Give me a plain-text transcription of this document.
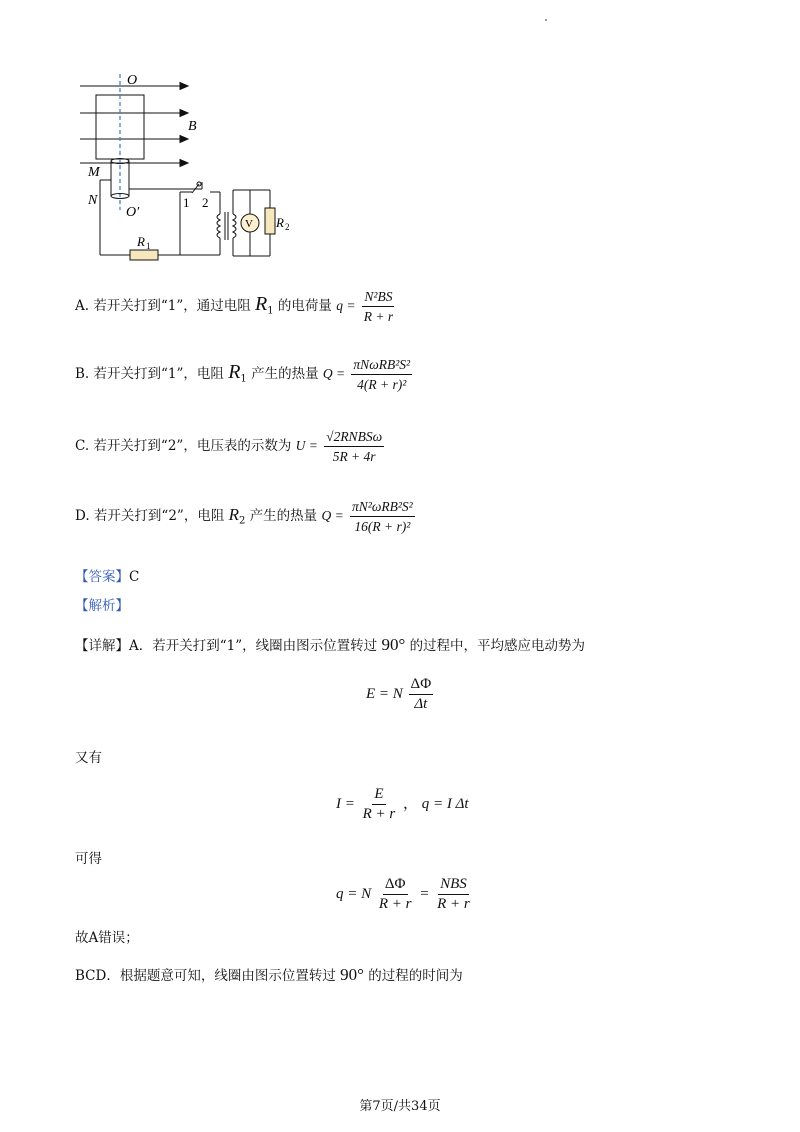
O
B
M
N
O′
1 2
V
R 1
R 2
A. 若开关打到“1”，通过电阻 $R_1$ 的电荷量 $q = \frac{\text{N²BS}}{R + r}$
B. 若开关打到“1”，电阻 $R_1$ 产生的热量 $Q = \frac{\text{πNωRB²S²}}{\text{4(R + r)²}}$
C. 若开关打到“2”，电压表的示数为 $U = \frac{\text{√2RNBSω}}{5R + 4r}$
D. 若开关打到“2”，电阻 $R_2$ 产生的热量 $Q = \frac{\text{πN²ωRB²S²}}{\text{16(R + r)²}}$
【答案】C
【解析】
【详解】A．若开关打到“1”，线圈由图示位置转过 90° 的过程中，平均感应电动势为
E = N $\frac{\Delta\Phi}{\Delta t}$
又有
$I = \frac{E}{R + r}$ ， q = I Δt
可得
q = N $\frac{\Delta\Phi}{R + r} = \frac{\text{NBS}}{R + r}$
故A错误；
BCD．根据题意可知，线圈由图示位置转过 90° 的过程的时间为
第7页/共34页
